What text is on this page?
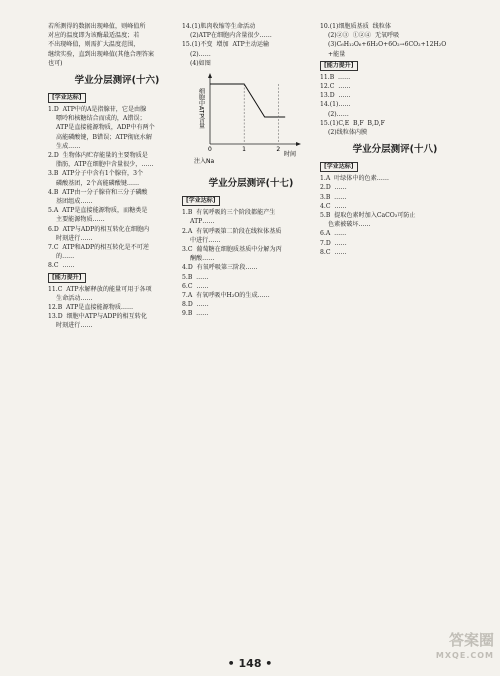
若所测得的数据出现峰值，则峰值所
对应的温度即为该酶最适温度；若
不出现峰值，则需扩大温度范围，
继续实验，直到出现峰值(其他合理答案
也可)
学业分层测评(十六)
[学业达标]
1.D  ATP中的A是指腺苷，它是由腺
嘌呤和核糖结合而成的，A错误；
ATP是直接能源物质，ADP中有两个
高能磷酸键，B错误；ATP彻底水解
生成……
2.D  生物体内贮存能量的主要物质是
脂肪，ATP在细胞中含量很少，……
3.B  ATP分子中含有1个腺苷，3个
磷酸基团，2个高能磷酸键……
4.B  ATP由一分子腺苷和三分子磷酸
基团组成……
5.A  ATP是直接能源物质，而糖类是
主要能源物质……
6.D  ATP与ADP的相互转化在细胞内
时刻进行……
7.C  ATP和ADP的相互转化是不可逆
的……
8.C  ……
[能力提升]
11.C  ATP水解释放的能量可用于各项
生命活动……
12.B  ATP是直接能源物质……
13.D  细胞中ATP与ADP的相互转化
时刻进行……
14.(1)肌肉收缩等生命活动
(2)ATP在细胞内含量很少……
15.(1)不变  增加  ATP主动运输
(2)……
(4)如图
细胞中ATP含量
时间
注入Na
0	1	2
学业分层测评(十七)
[学业达标]
1.B  有氧呼吸的三个阶段都能产生
ATP……
2.A  有氧呼吸第二阶段在线粒体基质
中进行……
3.C  葡萄糖在细胞质基质中分解为丙
酮酸……
4.D  有氧呼吸第三阶段……
5.B  ……
6.C  ……
7.A  有氧呼吸中H₂O的生成……
8.D  ……
9.B  ……
10.(1)细胞质基质  线粒体
(2)②③  ①②④  无氧呼吸
(3)C₆H₁₂O₆+6H₂O+6O₂→6CO₂+12H₂O
+能量
[能力提升]
11.B  ……
12.C  ……
13.D  ……
14.(1)……
(2)……
15.(1)C,E  B,F  B,D,F
(2)线粒体内膜
学业分层测评(十八)
[学业达标]
1.A  叶绿体中的色素……
2.D  ……
3.B  ……
4.C  ……
5.B  提取色素时加入CaCO₃可防止
色素被破坏……
6.A  ……
7.D  ……
8.C  ……
• 148 •
答案圈
MXQE.COM
